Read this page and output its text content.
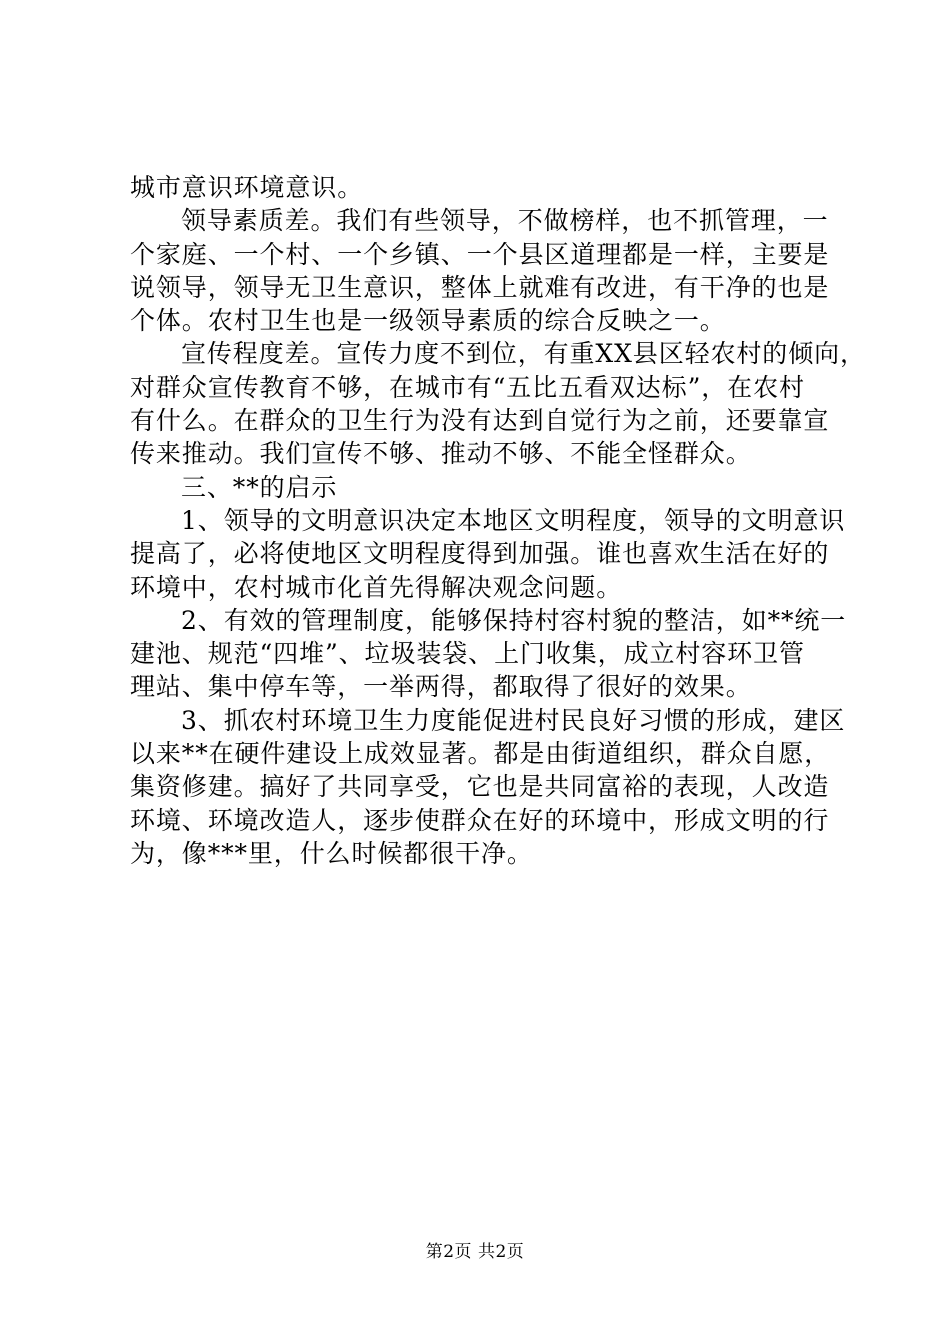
城市意识环境意识。
领导素质差。我们有些领导，不做榜样，也不抓管理，一
个家庭、一个村、一个乡镇、一个县区道理都是一样，主要是
说领导，领导无卫生意识，整体上就难有改进，有干净的也是
个体。农村卫生也是一级领导素质的综合反映之一。
宣传程度差。宣传力度不到位，有重XX县区轻农村的倾向，
对群众宣传教育不够，在城市有“五比五看双达标”，在农村
有什么。在群众的卫生行为没有达到自觉行为之前，还要靠宣
传来推动。我们宣传不够、推动不够、不能全怪群众。
三、**的启示
1、领导的文明意识决定本地区文明程度，领导的文明意识
提高了，必将使地区文明程度得到加强。谁也喜欢生活在好的
环境中，农村城市化首先得解决观念问题。
2、有效的管理制度，能够保持村容村貌的整洁，如**统一
建池、规范“四堆”、垃圾装袋、上门收集，成立村容环卫管
理站、集中停车等，一举两得，都取得了很好的效果。
3、抓农村环境卫生力度能促进村民良好习惯的形成，建区
以来**在硬件建设上成效显著。都是由街道组织，群众自愿，
集资修建。搞好了共同享受，它也是共同富裕的表现，人改造
环境、环境改造人，逐步使群众在好的环境中，形成文明的行
为，像***里，什么时候都很干净。
第2页 共2页
